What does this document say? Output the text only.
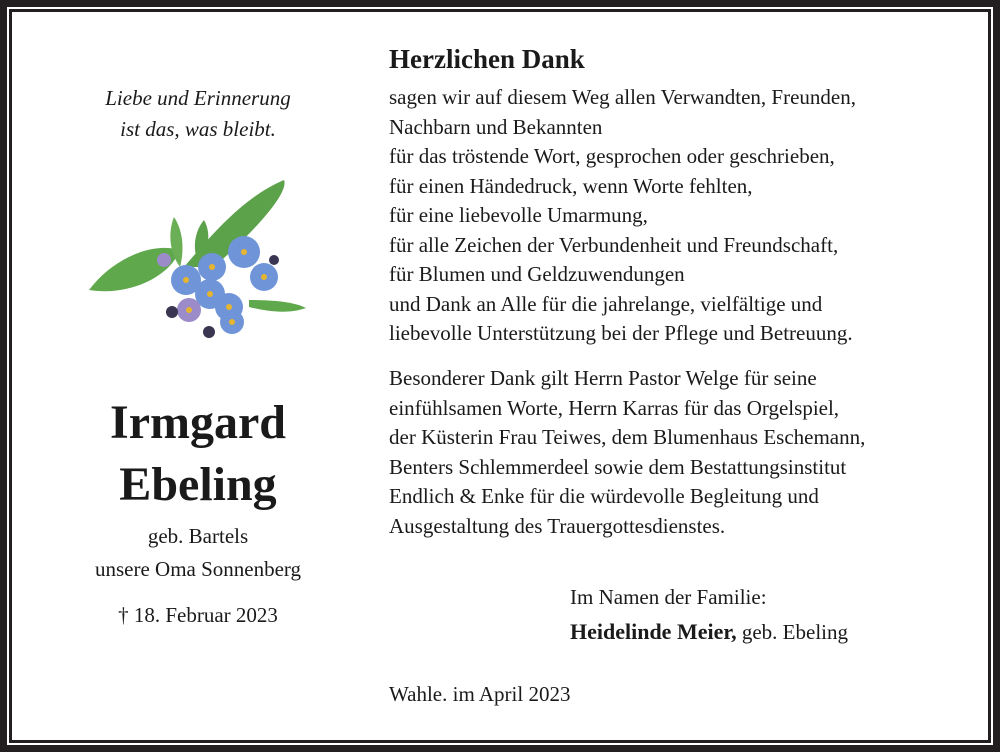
Liebe und Erinnerung
ist das, was bleibt.
Irmgard
Ebeling
geb. Bartels
unsere Oma Sonnenberg
† 18. Februar 2023
Herzlichen Dank
sagen wir auf diesem Weg allen Verwandten, Freunden,
Nachbarn und Bekannten
für das tröstende Wort, gesprochen oder geschrieben,
für einen Händedruck, wenn Worte fehlten,
für eine liebevolle Umarmung,
für alle Zeichen der Verbundenheit und Freundschaft,
für Blumen und Geldzuwendungen
und Dank an Alle für die jahrelange, vielfältige und
liebevolle Unterstützung bei der Pflege und Betreuung.
Besonderer Dank gilt Herrn Pastor Welge für seine
einfühlsamen Worte, Herrn Karras für das Orgelspiel,
der Küsterin Frau Teiwes, dem Blumenhaus Eschemann,
Benters Schlemmerdeel sowie dem Bestattungsinstitut
Endlich & Enke für die würdevolle Begleitung und
Ausgestaltung des Trauergottesdienstes.
Im Namen der Familie:
Heidelinde Meier, geb. Ebeling
Wahle. im April 2023
